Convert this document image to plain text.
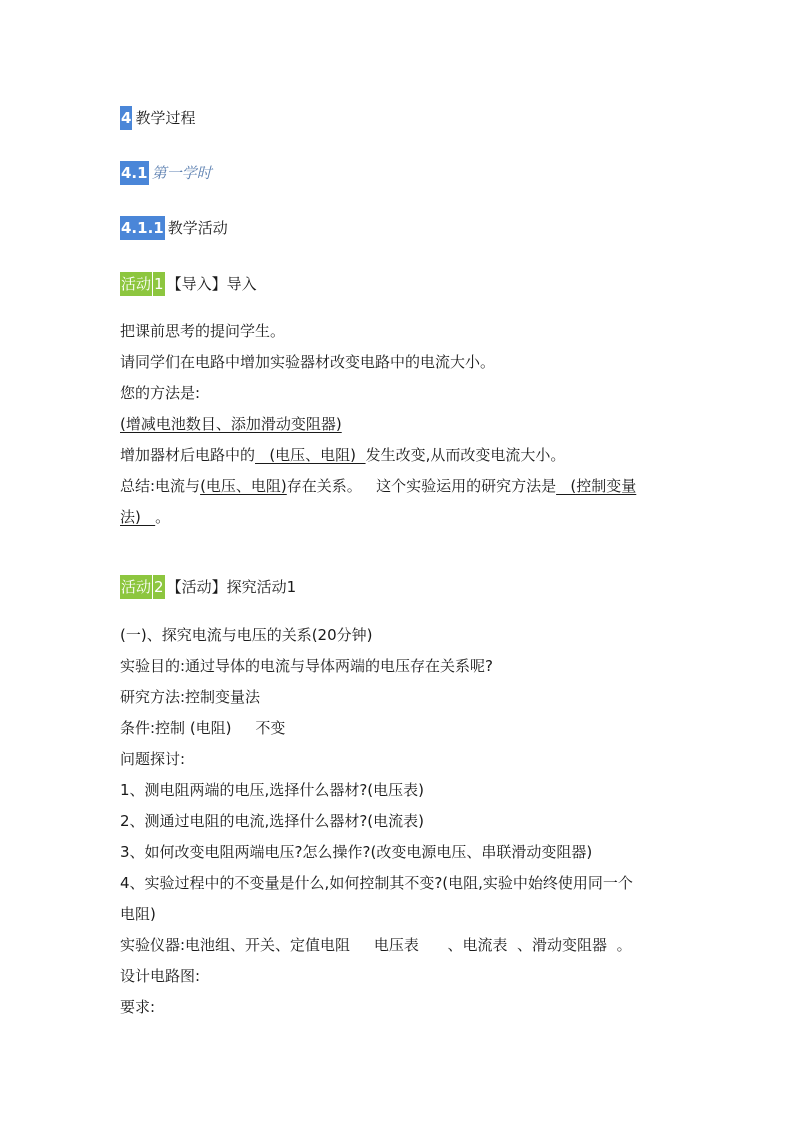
4 教学过程
4.1 第一学时
4.1.1 教学活动
活动 1 【导入】导入
把课前思考的提问学生。
请同学们在电路中增加实验器材改变电路中的电流大小。
您的方法是:
(增减电池数目、添加滑动变阻器)
增加器材后电路中的   (电压、电阻)  发生改变,从而改变电流大小。
总结:电流与(电压、电阻)存在关系。   这个实验运用的研究方法是   (控制变量
法)   。
活动 2 【活动】探究活动1
(一)、探究电流与电压的关系(20分钟)
实验目的:通过导体的电流与导体两端的电压存在关系呢?
研究方法:控制变量法
条件:控制 (电阻)     不变
问题探讨:
1、测电阻两端的电压,选择什么器材?(电压表)
2、测通过电阻的电流,选择什么器材?(电流表)
3、如何改变电阻两端电压?怎么操作?(改变电源电压、串联滑动变阻器)
4、实验过程中的不变量是什么,如何控制其不变?(电阻,实验中始终使用同一个
电阻)
实验仪器:电池组、开关、定值电阻     电压表      、电流表  、滑动变阻器  。
设计电路图:
要求:
